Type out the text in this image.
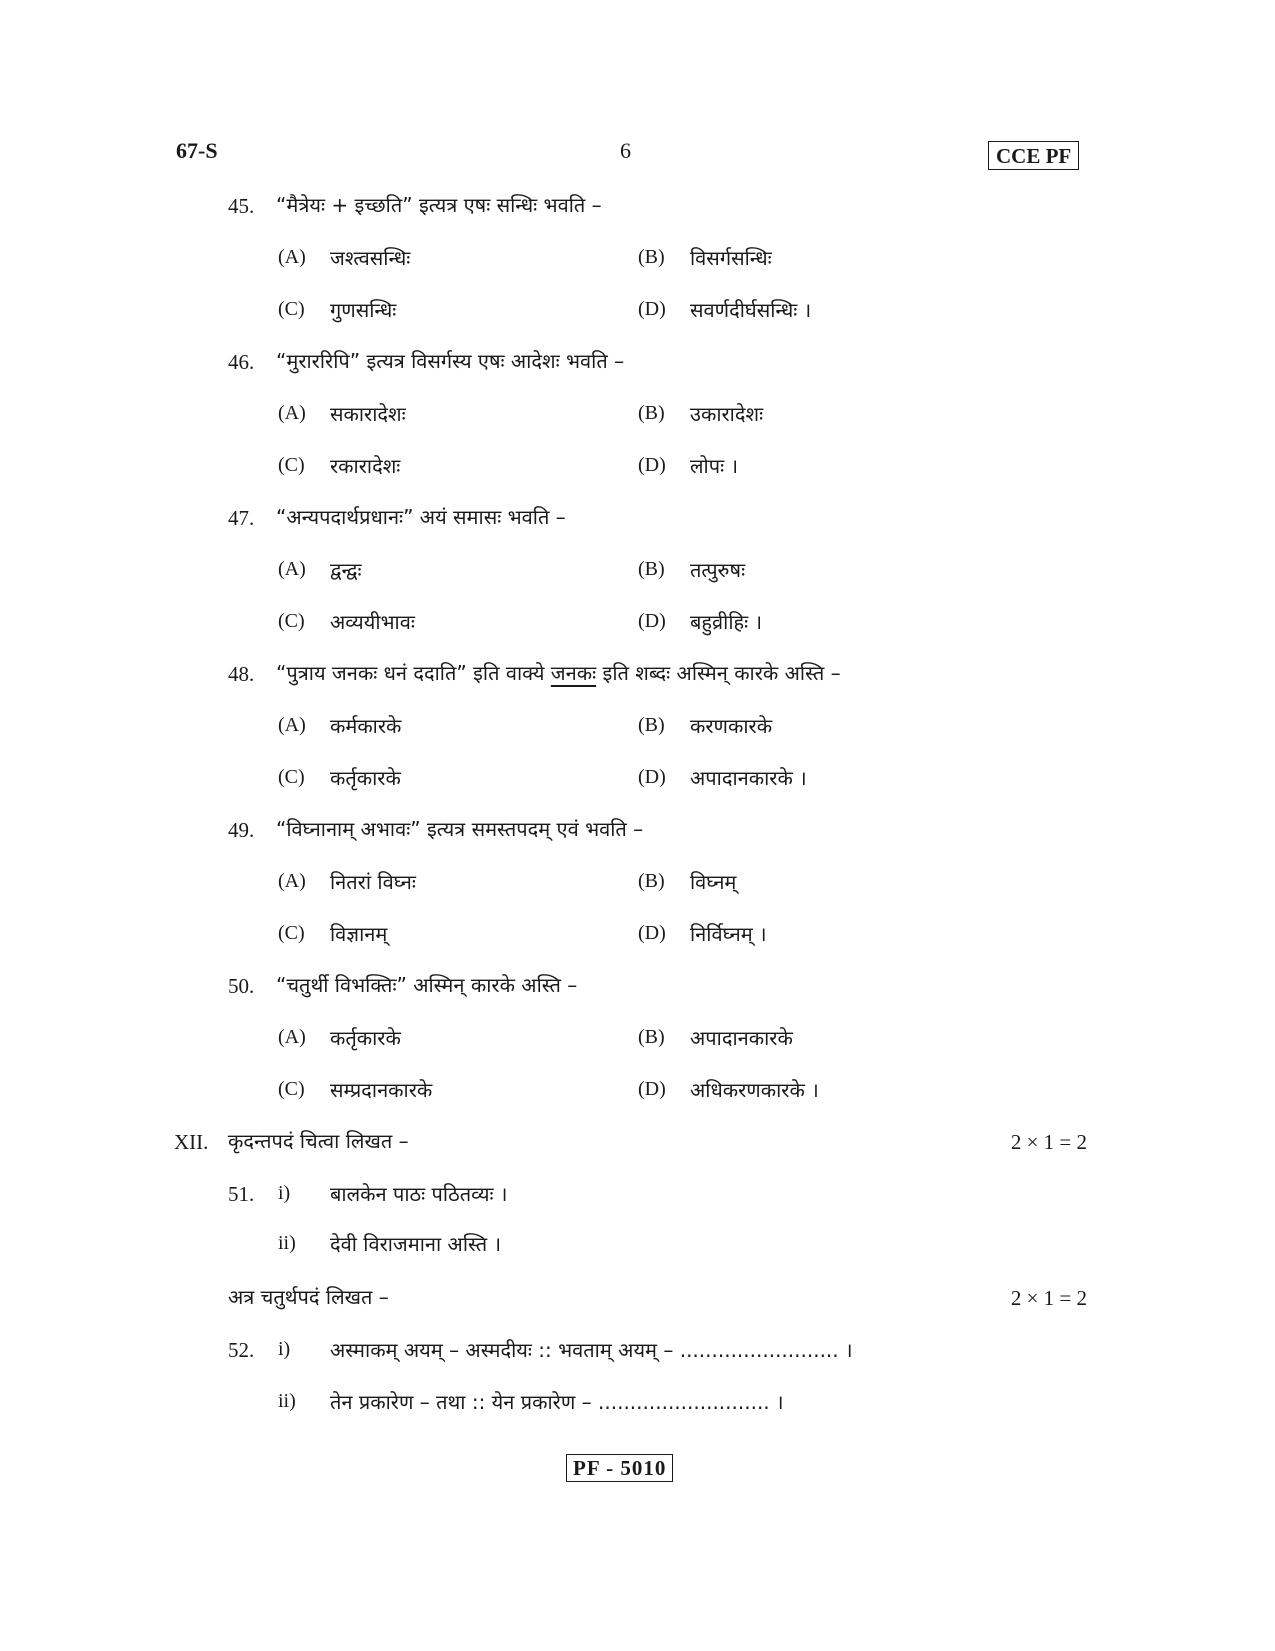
67-S	6	CCE PF
45. “मैत्रेयः + इच्छति” इत्यत्र एषः सन्धिः भवति –
(A) जश्त्वसन्धिः	(B) विसर्गसन्धिः
(C) गुणसन्धिः	(D) सवर्णदीर्घसन्धिः ।
46. “मुराररिपि” इत्यत्र विसर्गस्य एषः आदेशः भवति –
(A) सकारादेशः	(B) उकारादेशः
(C) रकारादेशः	(D) लोपः ।
47. “अन्यपदार्थप्रधानः” अयं समासः भवति –
(A) द्वन्द्वः	(B) तत्पुरुषः
(C) अव्ययीभावः	(D) बहुव्रीहिः ।
48. “पुत्राय जनकः धनं ददाति” इति वाक्ये जनकः इति शब्दः अस्मिन् कारके अस्ति –
(A) कर्मकारके	(B) करणकारके
(C) कर्तृकारके	(D) अपादानकारके ।
49. “विघ्नानाम् अभावः” इत्यत्र समस्तपदम् एवं भवति –
(A) नितरां विघ्नः	(B) विघ्नम्
(C) विज्ञानम्	(D) निर्विघ्नम् ।
50. “चतुर्थी विभक्तिः” अस्मिन् कारके अस्ति –
(A) कर्तृकारके	(B) अपादानकारके
(C) सम्प्रदानकारके	(D) अधिकरणकारके ।
XII. कृदन्तपदं चित्वा लिखत –	2 × 1 = 2
51. i) बालकेन पाठः पठितव्यः ।
ii) देवी विराजमाना अस्ति ।
अत्र चतुर्थपदं लिखत –	2 × 1 = 2
52. i) अस्माकम् अयम् – अस्मदीयः :: भवताम् अयम् – ......................... ।
ii) तेन प्रकारेण – तथा :: येन प्रकारेण – ........................... ।
PF - 5010
